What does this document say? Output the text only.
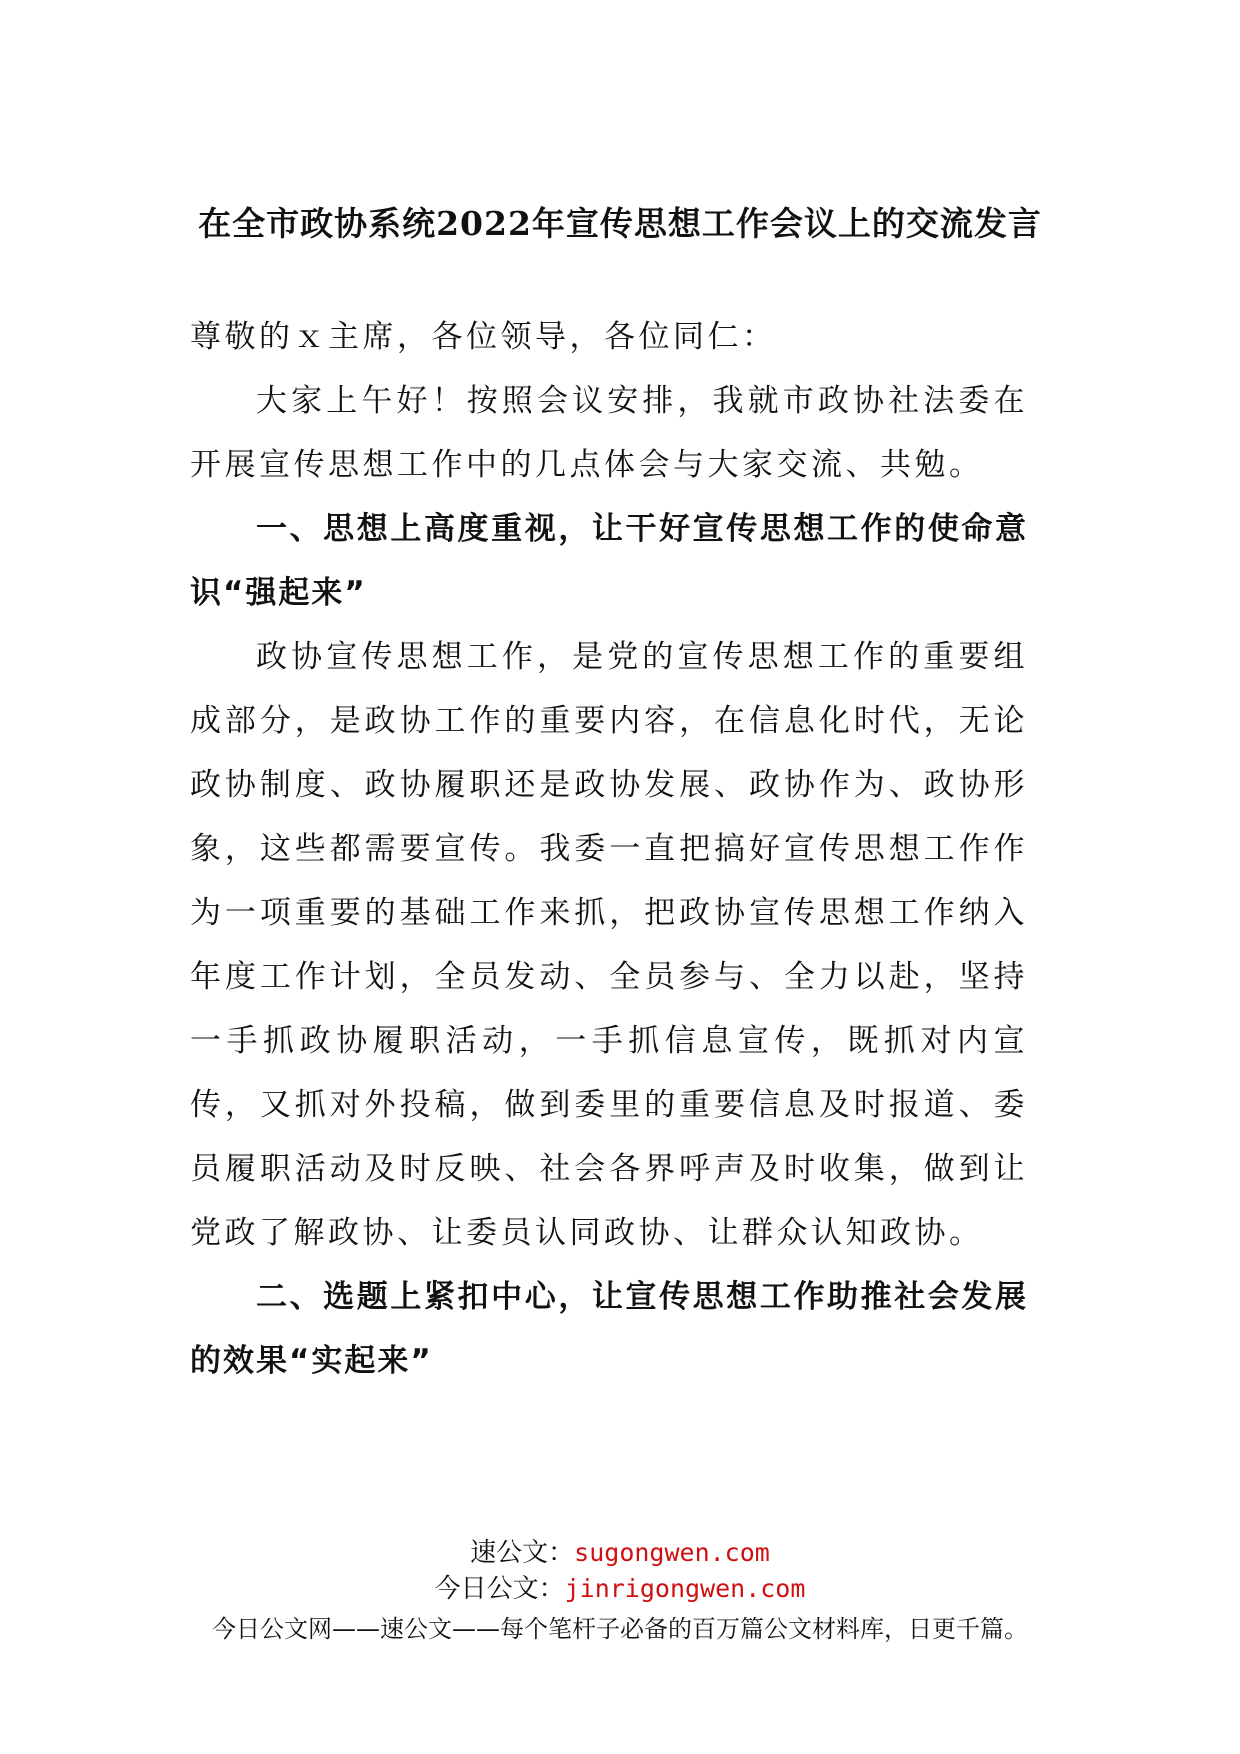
在全市政协系统2022年宣传思想工作会议上的交流发言

尊敬的ｘ主席，各位领导，各位同仁：

大家上午好！按照会议安排，我就市政协社法委在开展宣传思想工作中的几点体会与大家交流、共勉。

一、思想上高度重视，让干好宣传思想工作的使命意识“强起来”

政协宣传思想工作，是党的宣传思想工作的重要组成部分，是政协工作的重要内容，在信息化时代，无论政协制度、政协履职还是政协发展、政协作为、政协形象，这些都需要宣传。我委一直把搞好宣传思想工作作为一项重要的基础工作来抓，把政协宣传思想工作纳入年度工作计划，全员发动、全员参与、全力以赴，坚持一手抓政协履职活动，一手抓信息宣传，既抓对内宣传，又抓对外投稿，做到委里的重要信息及时报道、委员履职活动及时反映、社会各界呼声及时收集，做到让党政了解政协、让委员认同政协、让群众认知政协。

二、选题上紧扣中心，让宣传思想工作助推社会发展的效果“实起来”

速公文：sugongwen.com
今日公文：jinrigongwen.com
今日公文网——速公文——每个笔杆子必备的百万篇公文材料库，日更千篇。
